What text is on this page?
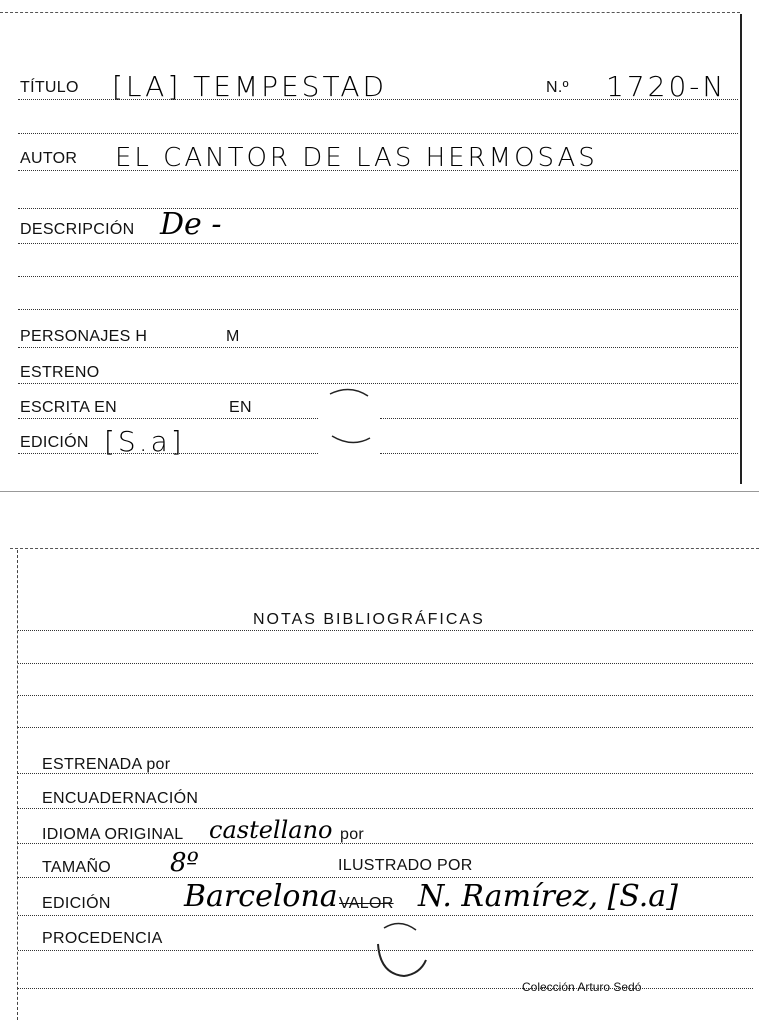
TÍTULO [LA] TEMPESTAD	N.º 1720-N
AUTOR EL CANTOR DE LAS HERMOSAS
DESCRIPCIÓN De -
PERSONAJES H	M
ESTRENO
ESCRITA EN	EN
EDICIÓN [S.a]
NOTAS BIBLIOGRÁFICAS
ESTRENADA por
ENCUADERNACIÓN
IDIOMA ORIGINAL castellano por
TAMAÑO 8º	ILUSTRADO POR
EDICIÓN Barcelona VALOR N. Ramírez, [S.a]
PROCEDENCIA
Colección Arturo Sedó
